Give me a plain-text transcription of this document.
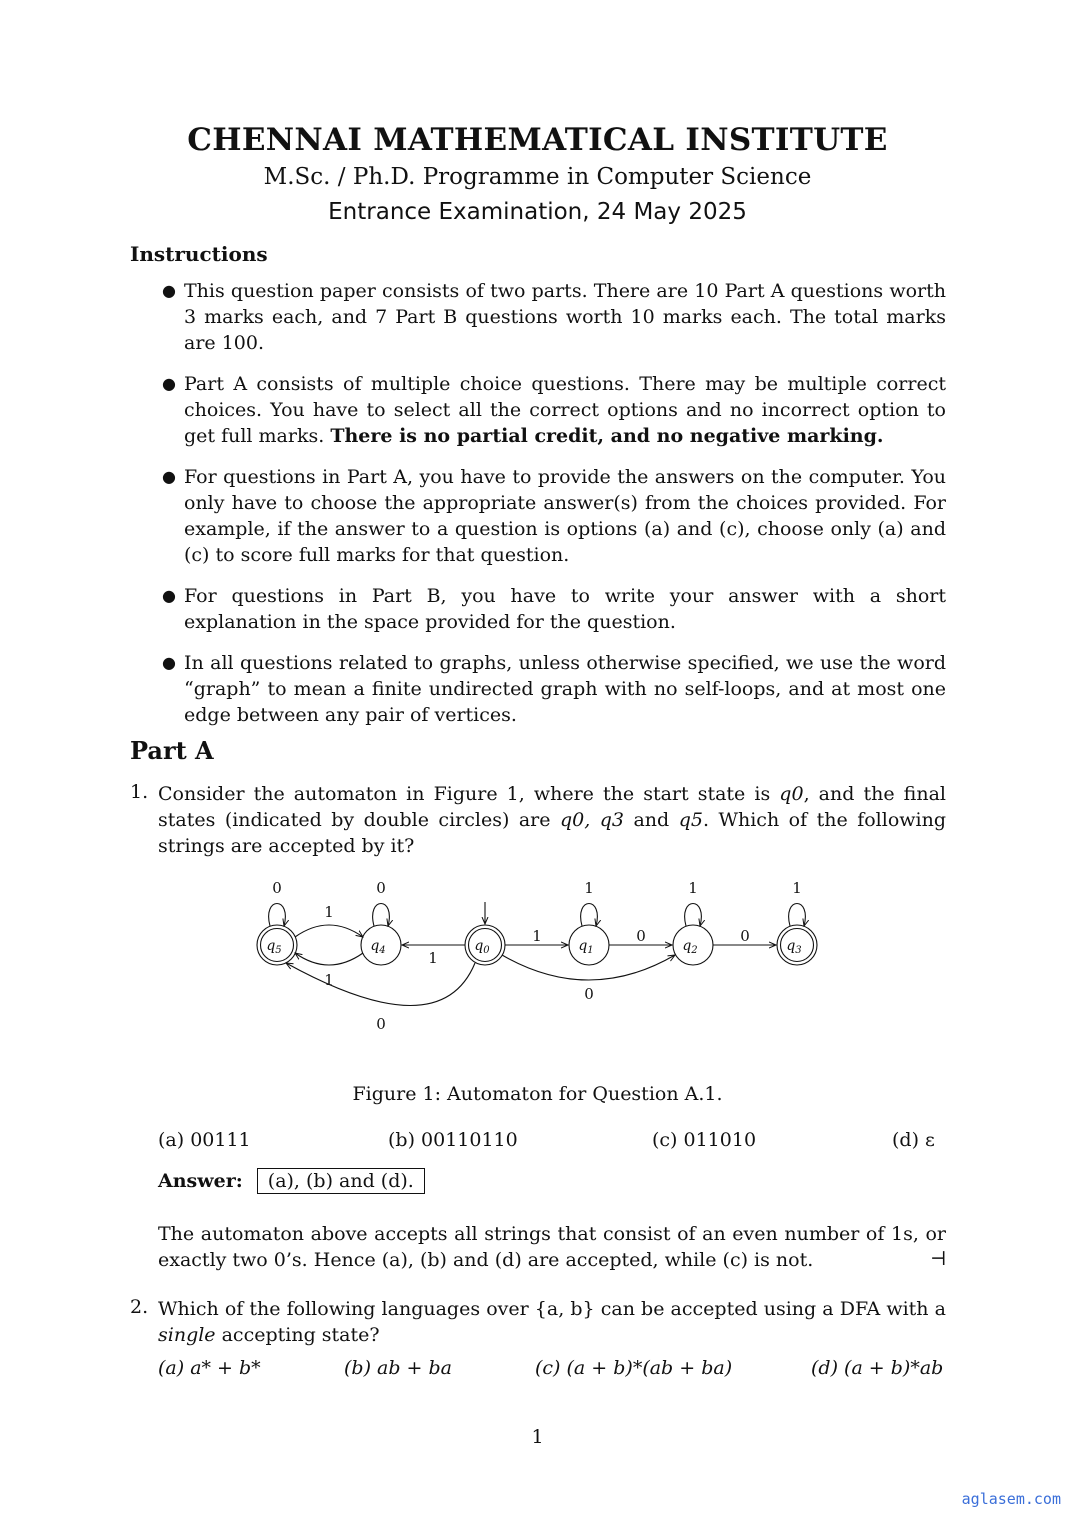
CHENNAI MATHEMATICAL INSTITUTE
M.Sc. / Ph.D. Programme in Computer Science
Entrance Examination, 24 May 2025
Instructions
● This question paper consists of two parts. There are 10 Part A questions worth 3 marks each, and 7 Part B questions worth 10 marks each. The total marks are 100.
● Part A consists of multiple choice questions. There may be multiple correct choices. You have to select all the correct options and no incorrect option to get full marks. There is no partial credit, and no negative marking.
● For questions in Part A, you have to provide the answers on the computer. You only have to choose the appropriate answer(s) from the choices provided. For example, if the answer to a question is options (a) and (c), choose only (a) and (c) to score full marks for that question.
● For questions in Part B, you have to write your answer with a short explanation in the space provided for the question.
● In all questions related to graphs, unless otherwise specified, we use the word “graph” to mean a finite undirected graph with no self-loops, and at most one edge between any pair of vertices.
Part A
1. Consider the automaton in Figure 1, where the start state is q0, and the final states (indicated by double circles) are q0, q3 and q5. Which of the following strings are accepted by it?
$q_5$	$q_4$	$q_0$	$q_1$	$q_2$	$q_3$
0	0	1	1	1
1
1
1
1	0	0
0
0
Figure 1: Automaton for Question A.1.
(a) 00111	(b) 00110110	(c) 011010	(d) ε
Answer: (a), (b) and (d).
The automaton above accepts all strings that consist of an even number of 1s, or exactly two 0’s. Hence (a), (b) and (d) are accepted, while (c) is not.	⊣
2. Which of the following languages over {a, b} can be accepted using a DFA with a single accepting state?
(a) a* + b*	(b) ab + ba	(c) (a + b)*(ab + ba)	(d) (a + b)*ab
1
aglasem.com
